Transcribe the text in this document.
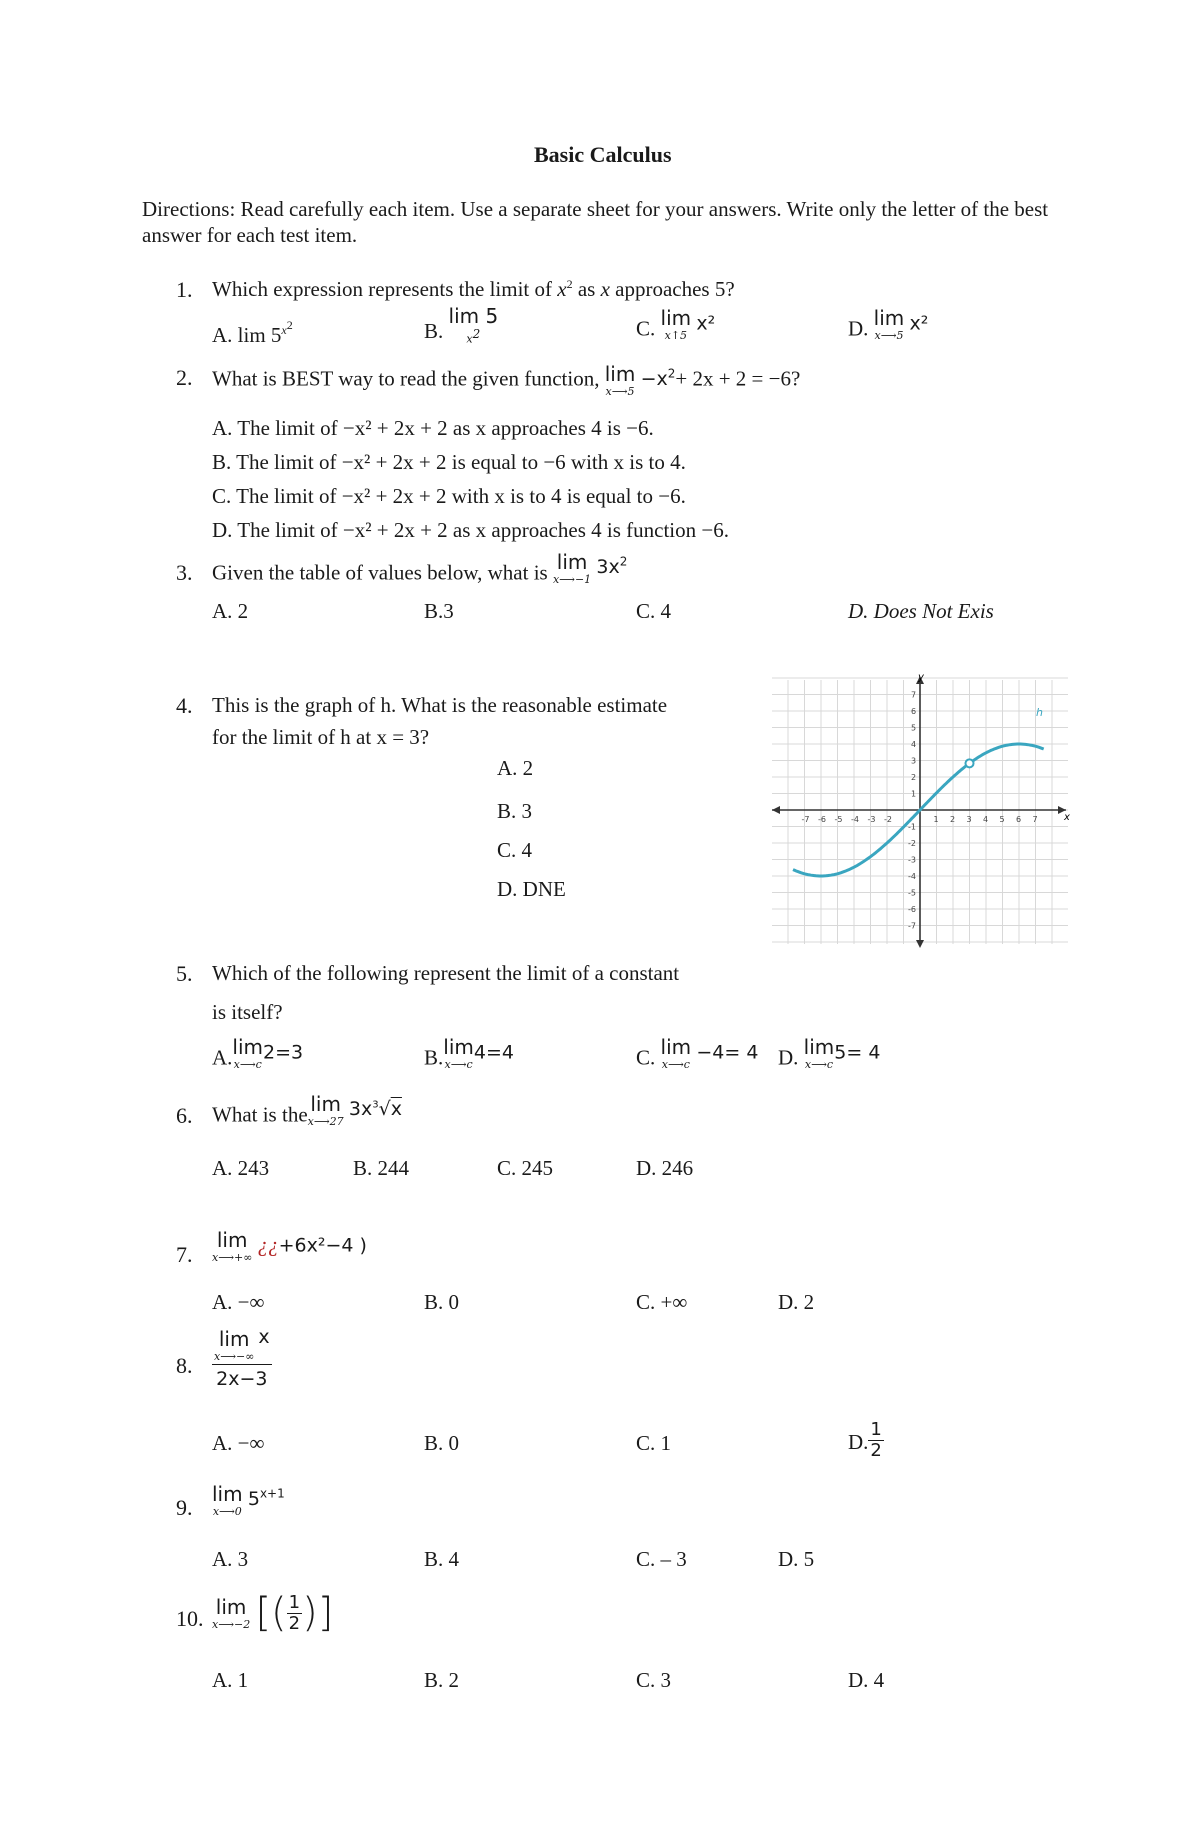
Basic Calculus
Directions: Read carefully each item. Use a separate sheet for your answers. Write only the letter of the best answer for each test item.
1. Which expression represents the limit of $x^2$ as x approaches 5?
A. $\lim 5^{x^2}$	B.
lim 5
$x^2$	C. lim
x↑5
x²	D. lim
x⟶5
x²
2. What is BEST way to read the given function, lim
x⟶5
$-x^2+ 2x + 2 = -6$?
A. The limit of −x² + 2x + 2 as x approaches 4 is −6.
B. The limit of −x² + 2x + 2 is equal to −6 with x is to 4.
C. The limit of −x² + 2x + 2 with x is to 4 is equal to −6.
D. The limit of −x² + 2x + 2 as x approaches 4 is function −6.
3. Given the table of values below, what is lim
x⟶−1
$3x^2$
A. 2	B.3	C. 4	D. Does Not Exis
4. This is the graph of h. What is the reasonable estimate
for the limit of h at x = 3?
A. 2
B. 3
C. 4
D. DNE
h
x
y
-7 -6 -5 -4 -3 -2	1 2 3 4 5 6 7
7
6
5
4
3
2
1
-1
-2
-3
-4
-5
-6
-7
5. Which of the following represent the limit of a constant
is itself?
A. lim
x⟶c
2=3	B. lim
x⟶c
4=4	C. lim
x⟶c
−4= 4 D. lim
x⟶c
5= 4
6. What is the lim
x⟶27
$3x^3√x$
A. 243	B. 244	C. 245	D. 246
7.
lim
x⟶+∞
¿¿+6x²−4 )
A. −∞	B. 0	C. +∞	D. 2
8.
lim
x⟶−∞
x
2x−3
A. −∞	B. 0	C. 1	D. $\frac{1}{2}$
9.
lim
x⟶0
$5^{x+1}$
A. 3	B. 4	C. – 3	D. 5
10. lim
x⟶−2 [( $\frac{1}{2}$ )]
A. 1	B. 2	C. 3	D. 4
